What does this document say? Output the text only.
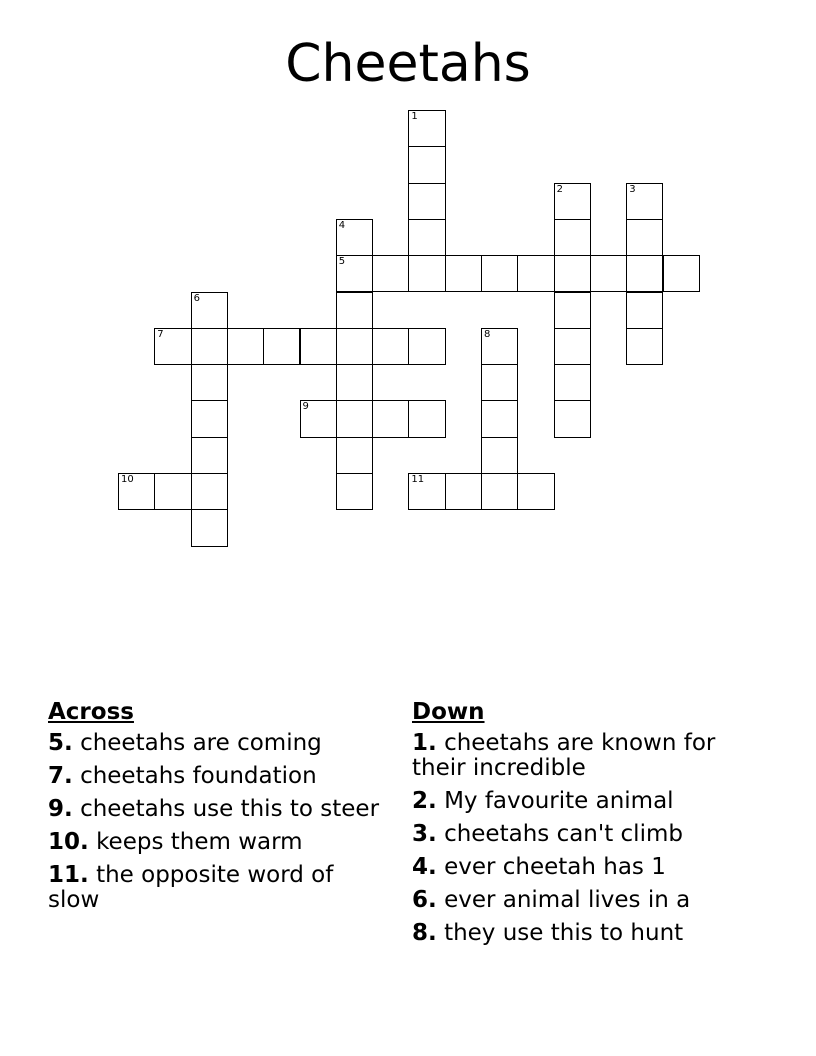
Cheetahs
1
2	3
4
5
6
7	8
9
10	11
Across
5. cheetahs are coming
7. cheetahs foundation
9. cheetahs use this to steer
10. keeps them warm
11. the opposite word of slow
Down
1. cheetahs are known for their incredible
2. My favourite animal
3. cheetahs can't climb
4. ever cheetah has 1
6. ever animal lives in a
8. they use this to hunt
